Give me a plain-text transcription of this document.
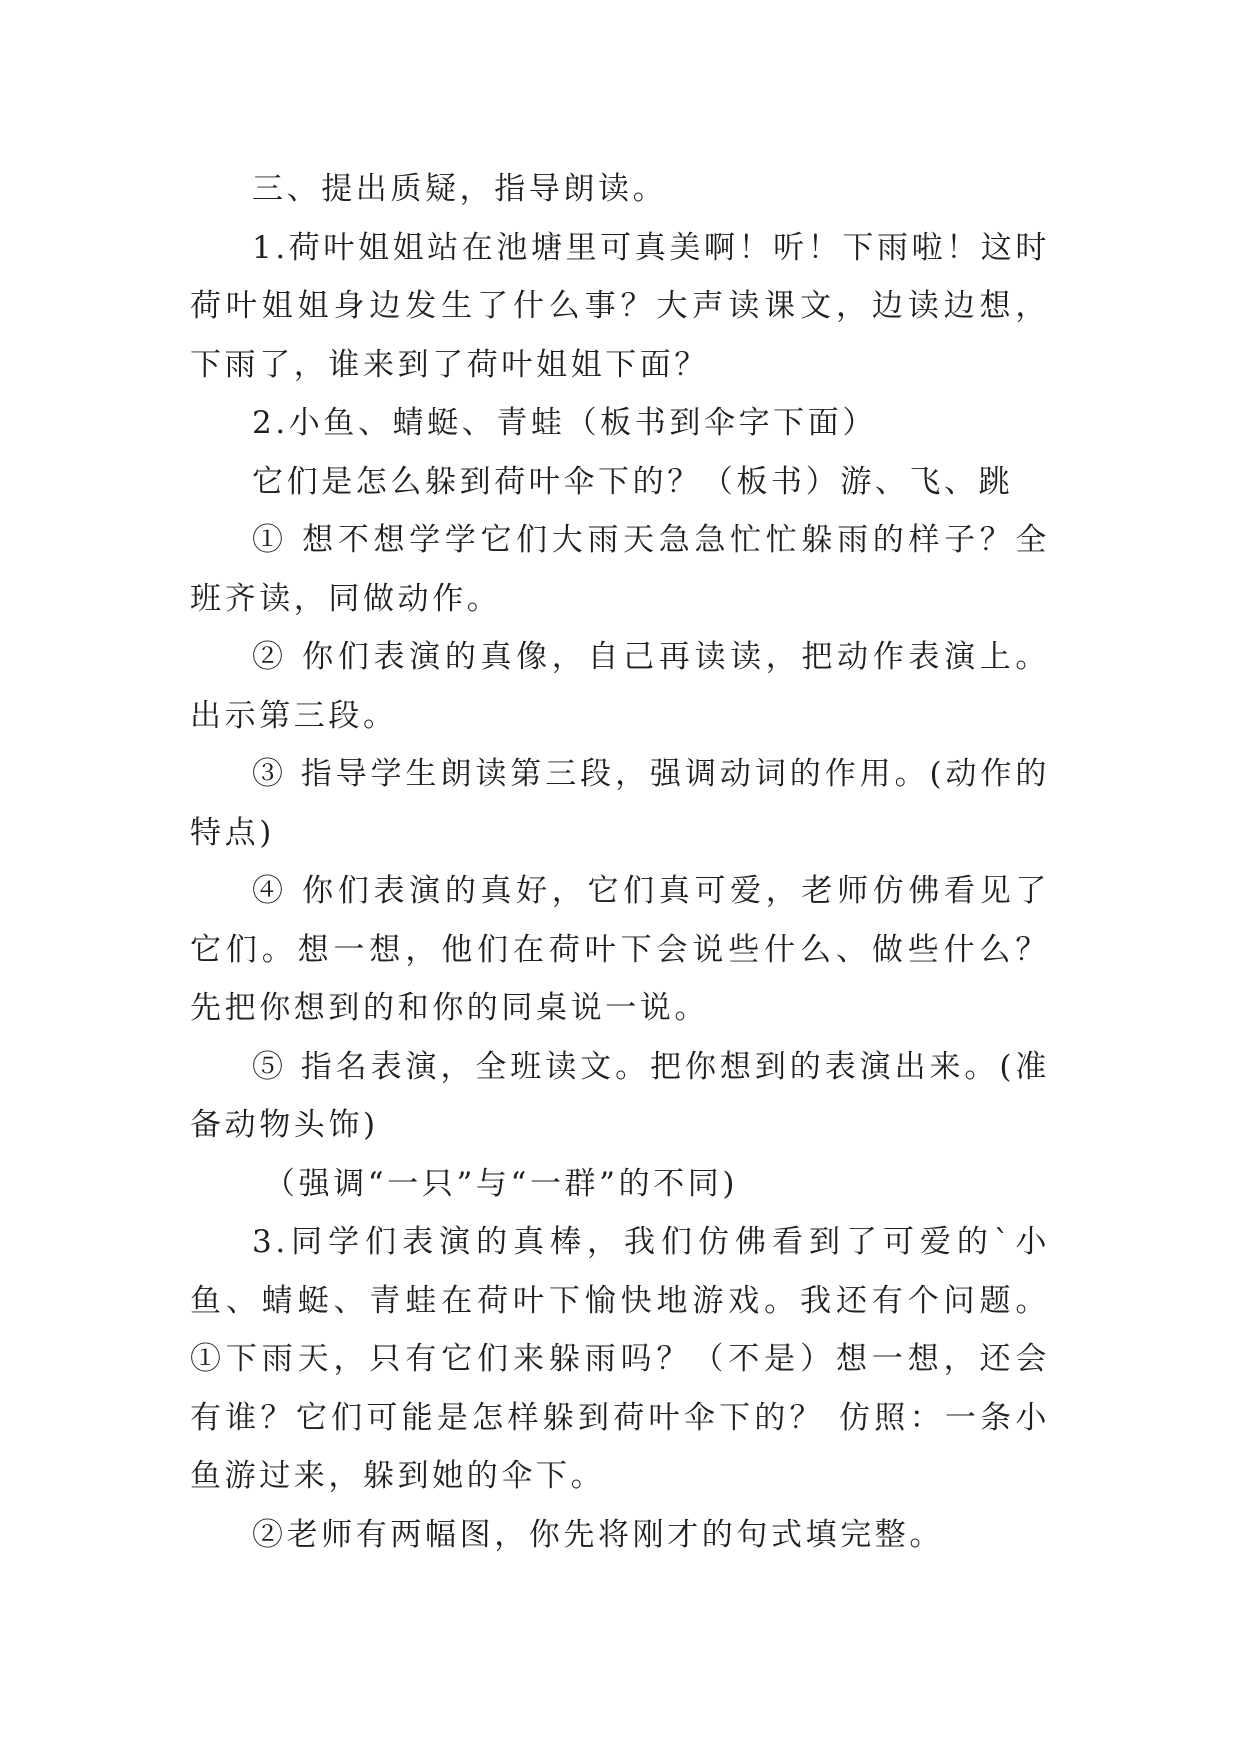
三、提出质疑，指导朗读。

1.荷叶姐姐站在池塘里可真美啊！听！下雨啦！这时荷叶姐姐身边发生了什么事？大声读课文，边读边想，下雨了，谁来到了荷叶姐姐下面？

2.小鱼、蜻蜓、青蛙（板书到伞字下面）

它们是怎么躲到荷叶伞下的？（板书）游、飞、跳

① 想不想学学它们大雨天急急忙忙躲雨的样子？全班齐读，同做动作。

② 你们表演的真像，自己再读读，把动作表演上。出示第三段。

③ 指导学生朗读第三段，强调动词的作用。(动作的特点)

④ 你们表演的真好，它们真可爱，老师仿佛看见了它们。想一想，他们在荷叶下会说些什么、做些什么？先把你想到的和你的同桌说一说。

⑤ 指名表演，全班读文。把你想到的表演出来。(准备动物头饰)

（强调“一只”与“一群”的不同)

3.同学们表演的真棒，我们仿佛看到了可爱的`小鱼、蜻蜓、青蛙在荷叶下愉快地游戏。我还有个问题。①下雨天，只有它们来躲雨吗？（不是）想一想，还会有谁？它们可能是怎样躲到荷叶伞下的？ 仿照：一条小鱼游过来，躲到她的伞下。

②老师有两幅图，你先将刚才的句式填完整。
